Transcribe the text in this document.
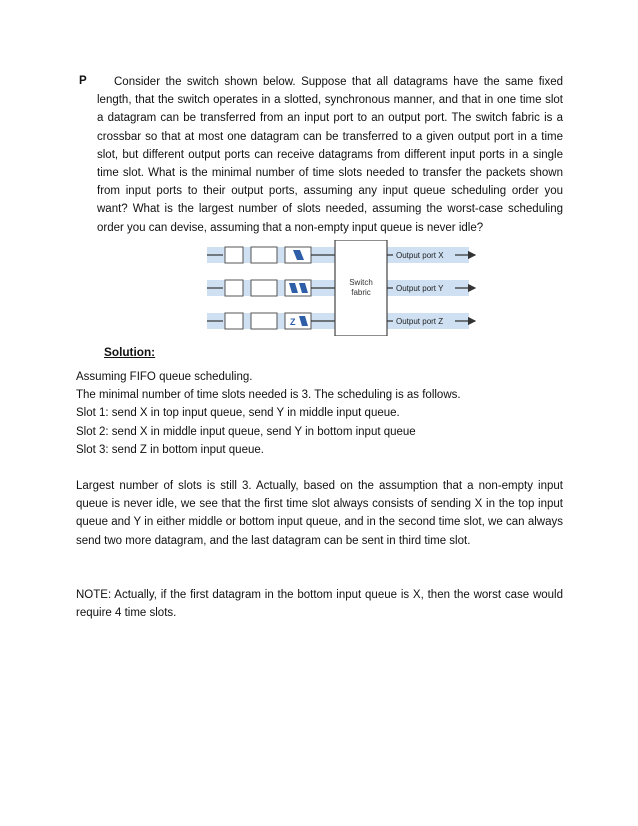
P	Consider the switch shown below. Suppose that all datagrams have the same fixed length, that the switch operates in a slotted, synchronous manner, and that in one time slot a datagram can be transferred from an input port to an output port. The switch fabric is a crossbar so that at most one datagram can be transferred to a given output port in a time slot, but different output ports can receive datagrams from different input ports in a single time slot. What is the minimal number of time slots needed to transfer the packets shown from input ports to their output ports, assuming any input queue scheduling order you want? What is the largest number of slots needed, assuming the worst-case scheduling order you can devise, assuming that a non-empty input queue is never idle?
Z
Switch
fabric
Output port X
Output port Y
Output port Z
Solution:

Assuming FIFO queue scheduling.

The minimal number of time slots needed is 3. The scheduling is as follows.

Slot 1: send X in top input queue, send Y in middle input queue.

Slot 2: send X in middle input queue, send Y in bottom input queue

Slot 3: send Z in bottom input queue.

Largest number of slots is still 3. Actually, based on the assumption that a non-empty input queue is never idle, we see that the first time slot always consists of sending X in the top input queue and Y in either middle or bottom input queue, and in the second time slot, we can always send two more datagram, and the last datagram can be sent in third time slot.

NOTE: Actually, if the first datagram in the bottom input queue is X, then the worst case would require 4 time slots.
